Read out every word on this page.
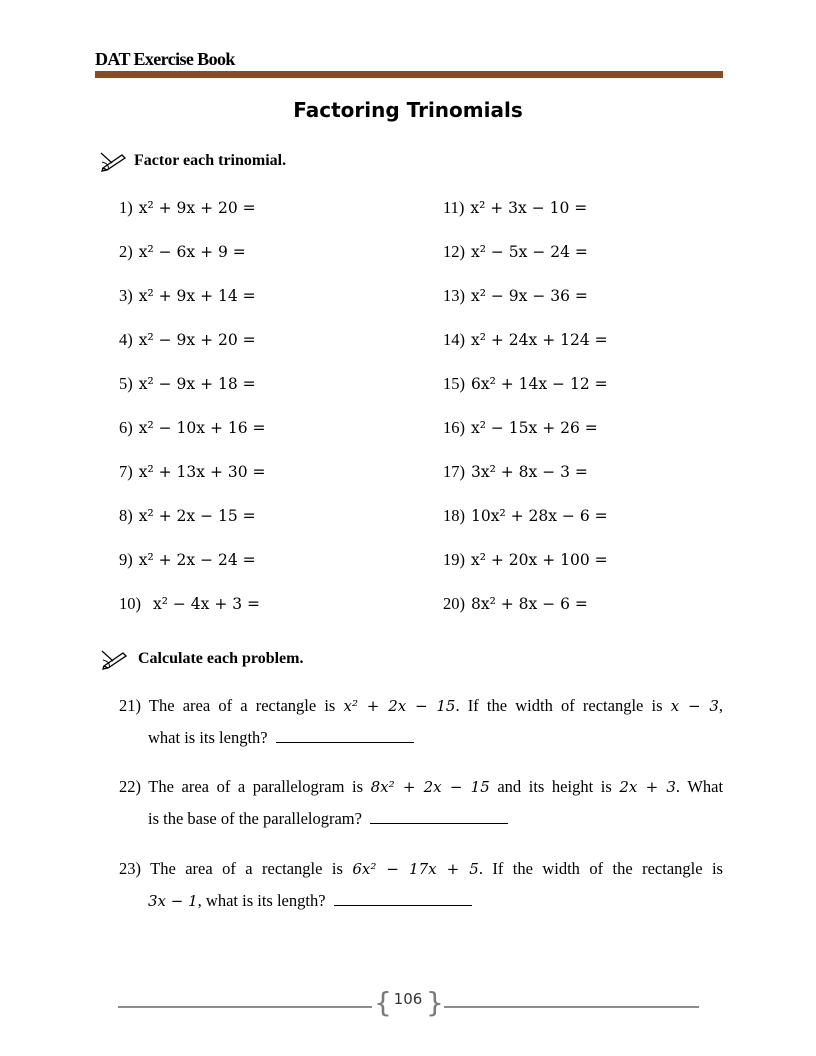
DAT Exercise Book
Factoring Trinomials
Factor each trinomial.
1) x² + 9x + 20 =
2) x² − 6x + 9 =
3) x² + 9x + 14 =
4) x² − 9x + 20 =
5) x² − 9x + 18 =
6) x² − 10x + 16 =
7) x² + 13x + 30 =
8) x² + 2x − 15 =
9) x² + 2x − 24 =
10) x² − 4x + 3 =
11) x² + 3x − 10 =
12) x² − 5x − 24 =
13) x² − 9x − 36 =
14) x² + 24x + 124 =
15) 6x² + 14x − 12 =
16) x² − 15x + 26 =
17) 3x² + 8x − 3 =
18) 10x² + 28x − 6 =
19) x² + 20x + 100 =
20) 8x² + 8x − 6 =
Calculate each problem.
21) The area of a rectangle is x² + 2x − 15. If the width of rectangle is x − 3,
what is its length?
22) The area of a parallelogram is 8x² + 2x − 15 and its height is 2x + 3. What
is the base of the parallelogram?
23) The area of a rectangle is 6x² − 17x + 5. If the width of the rectangle is
3x − 1, what is its length?
{ }
106
